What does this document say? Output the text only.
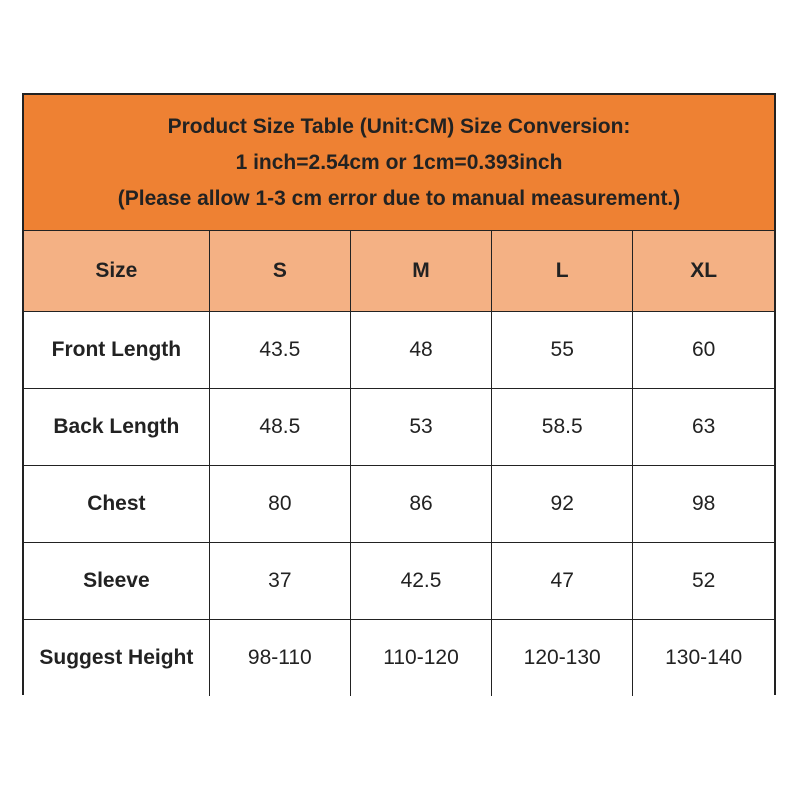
Product Size Table (Unit:CM) Size Conversion:
1 inch=2.54cm or 1cm=0.393inch
(Please allow 1-3 cm error due to manual measurement.)
Size	S	M	L	XL
Front Length	43.5	48	55	60
Back Length	48.5	53	58.5	63
Chest	80	86	92	98
Sleeve	37	42.5	47	52
Suggest Height	98-110	110-120	120-130	130-140
